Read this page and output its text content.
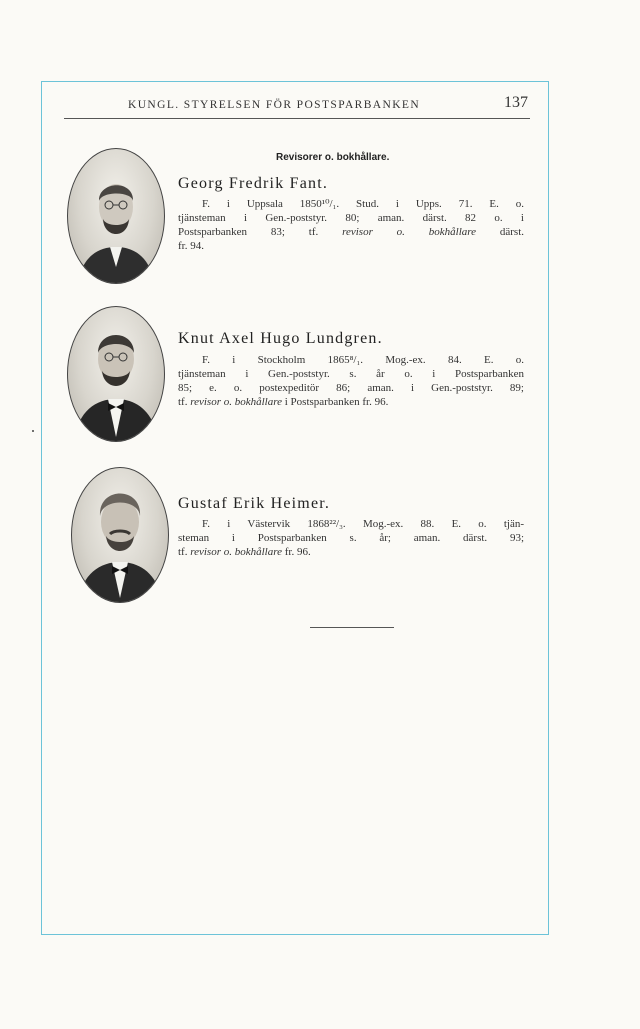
KUNGL. STYRELSEN FÖR POSTSPARBANKEN	137
Revisorer o. bokhållare.
Georg Fredrik Fant.
F. i Uppsala 1850¹⁰/₁. Stud. i Upps. 71. E. o.
tjänsteman i Gen.-poststyr. 80; aman. därst. 82 o. i
Postsparbanken 83; tf. revisor o. bokhållare därst.
fr. 94.
Knut Axel Hugo Lundgren.
F. i Stockholm 1865⁸/₁. Mog.-ex. 84. E. o.
tjänsteman i Gen.-poststyr. s. år o. i Postsparbanken
85; e. o. postexpeditör 86; aman. i Gen.-poststyr. 89;
tf. revisor o. bokhållare i Postsparbanken fr. 96.
Gustaf Erik Heimer.
F. i Västervik 1868²²/₃. Mog.-ex. 88. E. o. tjän-
steman i Postsparbanken s. år; aman. därst. 93;
tf. revisor o. bokhållare fr. 96.
